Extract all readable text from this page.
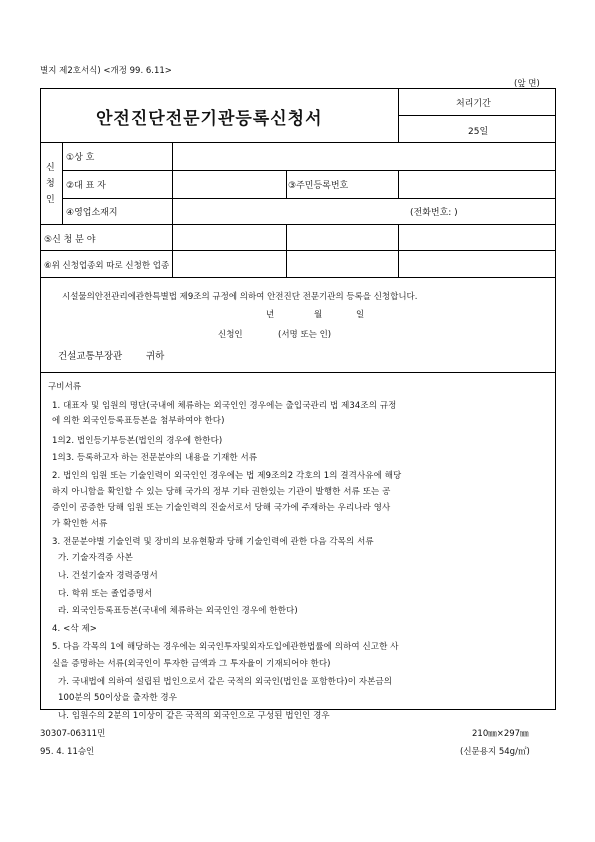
별지 제2호서식) <개정 99. 6.11>
(앞 면)
안전진단전문기관등록신청서
처리기간
25일
신
청
인
①상 호
②대 표 자	③주민등록번호
④영업소재지	(전화번호: )
⑤신 청 분 야
⑥위 신청업종외 따로 신청한 업종
시설물의안전관리에관한특별법 제9조의 규정에 의하여 안전진단 전문기관의 등록을 신청합니다.
년	월	일
신청인	(서명 또는 인)
건설교통부장관	귀하
구비서류
1. 대표자 및 임원의 명단(국내에 체류하는 외국인인 경우에는 출입국관리 법 제34조의 규정
에 의한 외국인등록표등본을 첨부하여야 한다)
1의2. 법인등기부등본(법인의 경우에 한한다)
1의3. 등록하고자 하는 전문분야의 내용을 기재한 서류
2. 법인의 임원 또는 기술인력이 외국인인 경우에는 법 제9조의2 각호의 1의 결격사유에 해당
하지 아니함을 확인할 수 있는 당해 국가의 정부 기타 권한있는 기관이 발행한 서류 또는 공
증인이 공증한 당해 임원 또는 기술인력의 진술서로서 당해 국가에 주재하는 우리나라 영사
가 확인한 서류
3. 전문분야별 기술인력 및 장비의 보유현황과 당해 기술인력에 관한 다음 각목의 서류
가. 기술자격증 사본
나. 건설기술자 경력증명서
다. 학위 또는 졸업증명서
라. 외국인등록표등본(국내에 체류하는 외국인인 경우에 한한다)
4. <삭 제>
5. 다음 각목의 1에 해당하는 경우에는 외국인투자및외자도입에관한법률에 의하여 신고한 사
실을 증명하는 서류(외국인이 투자한 금액과 그 투자율이 기재되어야 한다)
가. 국내법에 의하여 설립된 법인으로서 같은 국적의 외국인(법인을 포함한다)이 자본금의
100분의 50이상을 출자한 경우
나. 임원수의 2분의 1이상이 같은 국적의 외국인으로 구성된 법인인 경우
30307-06311민	210㎜×297㎜
95. 4. 11승인	(신문용지 54g/㎡)
